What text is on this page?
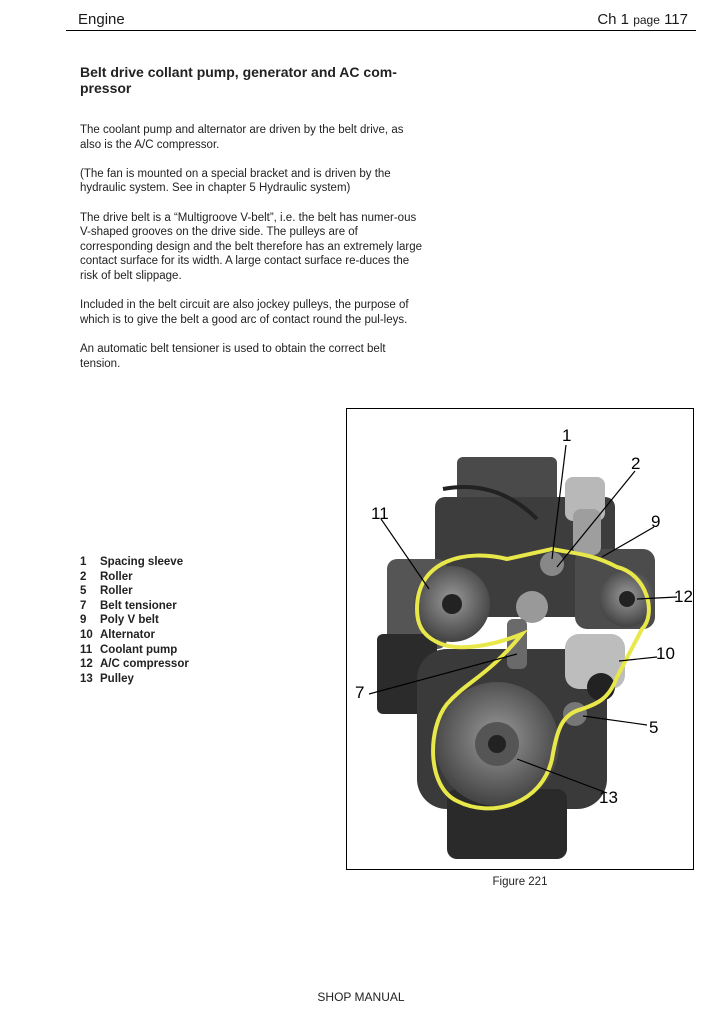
Engine	Ch 1 page 117
Belt drive collant pump, generator and AC com-
pressor

The coolant pump and alternator are driven by the belt drive, as also is the A/C compressor.

(The fan is mounted on a special bracket and is driven by the hydraulic system. See in chapter 5 Hydraulic system)

The drive belt is a “Multigroove V-belt”, i.e. the belt has numer-ous V-shaped grooves on the drive side. The pulleys are of corresponding design and the belt therefore has an extremely large contact surface for its width. A large contact surface re-duces the risk of belt slippage.

Included in the belt circuit are also jockey pulleys, the purpose of which is to give the belt a good arc of contact round the pul-leys.

An automatic belt tensioner is used to obtain the correct belt tension.

1	Spacing sleeve
2	Roller
5	Roller
7	Belt tensioner
9	Poly V belt
10 Alternator
11 Coolant pump
12 A/C compressor
13 Pulley
1
2
9
11
12
10
7
5
13
Figure 221
SHOP MANUAL
